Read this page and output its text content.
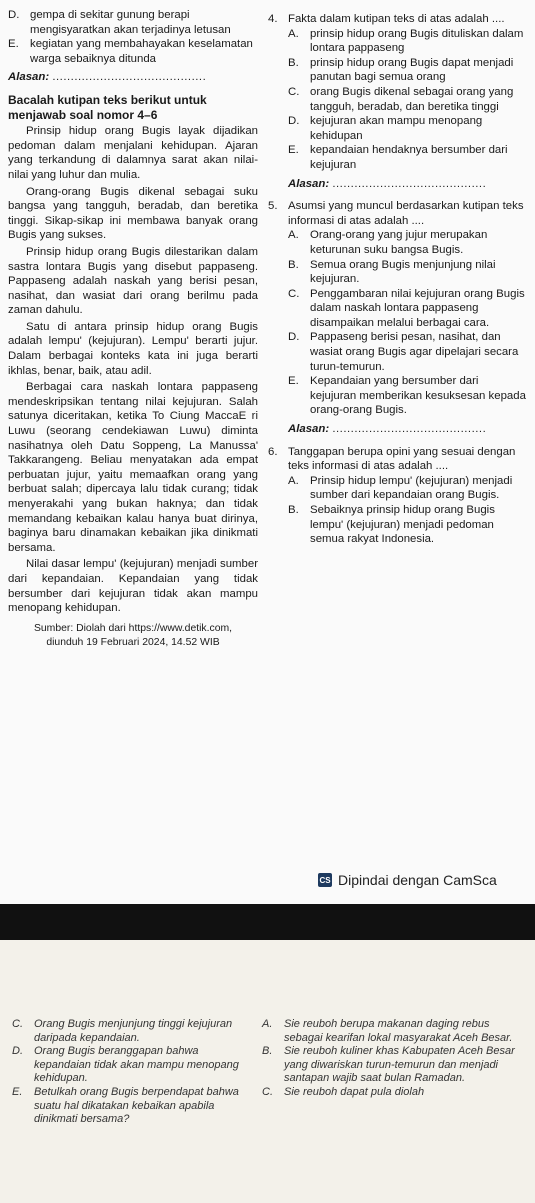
D. gempa di sekitar gunung berapi mengisyaratkan akan terjadinya letusan
E. kegiatan yang membahayakan keselamatan warga sebaiknya ditunda
Alasan: ..........................................
Bacalah kutipan teks berikut untuk menjawab soal nomor 4–6

Prinsip hidup orang Bugis layak dijadikan pedoman dalam menjalani kehidupan. Ajaran yang terkandung di dalamnya sarat akan nilai-nilai yang luhur dan mulia.

Orang-orang Bugis dikenal sebagai suku bangsa yang tangguh, beradab, dan beretika tinggi. Sikap-sikap ini membawa banyak orang Bugis yang sukses.

Prinsip hidup orang Bugis dilestarikan dalam sastra lontara Bugis yang disebut pappaseng. Pappaseng adalah naskah yang berisi pesan, nasihat, dan wasiat dari orang berilmu pada zaman dahulu.

Satu di antara prinsip hidup orang Bugis adalah lempu' (kejujuran). Lempu' berarti jujur. Dalam berbagai konteks kata ini juga berarti ikhlas, benar, baik, atau adil.

Berbagai cara naskah lontara pappaseng mendeskripsikan tentang nilai kejujuran. Salah satunya diceritakan, ketika To Ciung MaccaE ri Luwu (seorang cendekiawan Luwu) diminta nasihatnya oleh Datu Soppeng, La Manussa' Takkarangeng. Beliau menyatakan ada empat perbuatan jujur, yaitu memaafkan orang yang berbuat salah; dipercaya lalu tidak curang; tidak menyerakahi yang bukan haknya; dan tidak memandang kebaikan kalau hanya buat dirinya, baginya baru dinamakan kebaikan jika dinikmati bersama.

Nilai dasar lempu' (kejujuran) menjadi sumber dari kepandaian. Kepandaian yang tidak bersumber dari kejujuran tidak akan mampu menopang kehidupan.

Sumber: Diolah dari https://www.detik.com,
diunduh 19 Februari 2024, 14.52 WIB
4. Fakta dalam kutipan teks di atas adalah ....
A. prinsip hidup orang Bugis dituliskan dalam lontara pappaseng
B. prinsip hidup orang Bugis dapat menjadi panutan bagi semua orang
C. orang Bugis dikenal sebagai orang yang tangguh, beradab, dan beretika tinggi
D. kejujuran akan mampu menopang kehidupan
E. kepandaian hendaknya bersumber dari kejujuran
Alasan: ..........................................
5. Asumsi yang muncul berdasarkan kutipan teks informasi di atas adalah ....
A. Orang-orang yang jujur merupakan keturunan suku bangsa Bugis.
B. Semua orang Bugis menjunjung nilai kejujuran.
C. Penggambaran nilai kejujuran orang Bugis dalam naskah lontara pappaseng disampaikan melalui berbagai cara.
D. Pappaseng berisi pesan, nasihat, dan wasiat orang Bugis agar dipelajari secara turun-temurun.
E. Kepandaian yang bersumber dari kejujuran memberikan kesuksesan kepada orang-orang Bugis.
Alasan: ..........................................
6. Tanggapan berupa opini yang sesuai dengan teks informasi di atas adalah ....
A. Prinsip hidup lempu' (kejujuran) menjadi sumber dari kepandaian orang Bugis.
B. Sebaiknya prinsip hidup orang Bugis lempu' (kejujuran) menjadi pedoman semua rakyat Indonesia.
CS Dipindai dengan CamSca
C.	Orang Bugis menjunjung tinggi kejujuran daripada kepandaian.
D.	Orang Bugis beranggapan bahwa kepandaian tidak akan mampu menopang kehidupan.
E.	Betulkah orang Bugis berpendapat bahwa suatu hal dikatakan kebaikan apabila dinikmati bersama?
A.	Sie reuboh berupa makanan daging rebus sebagai kearifan lokal masyarakat Aceh Besar.
B.	Sie reuboh kuliner khas Kabupaten Aceh Besar yang diwariskan turun-temurun dan menjadi santapan wajib saat bulan Ramadan.
C.	Sie reuboh dapat pula diolah
